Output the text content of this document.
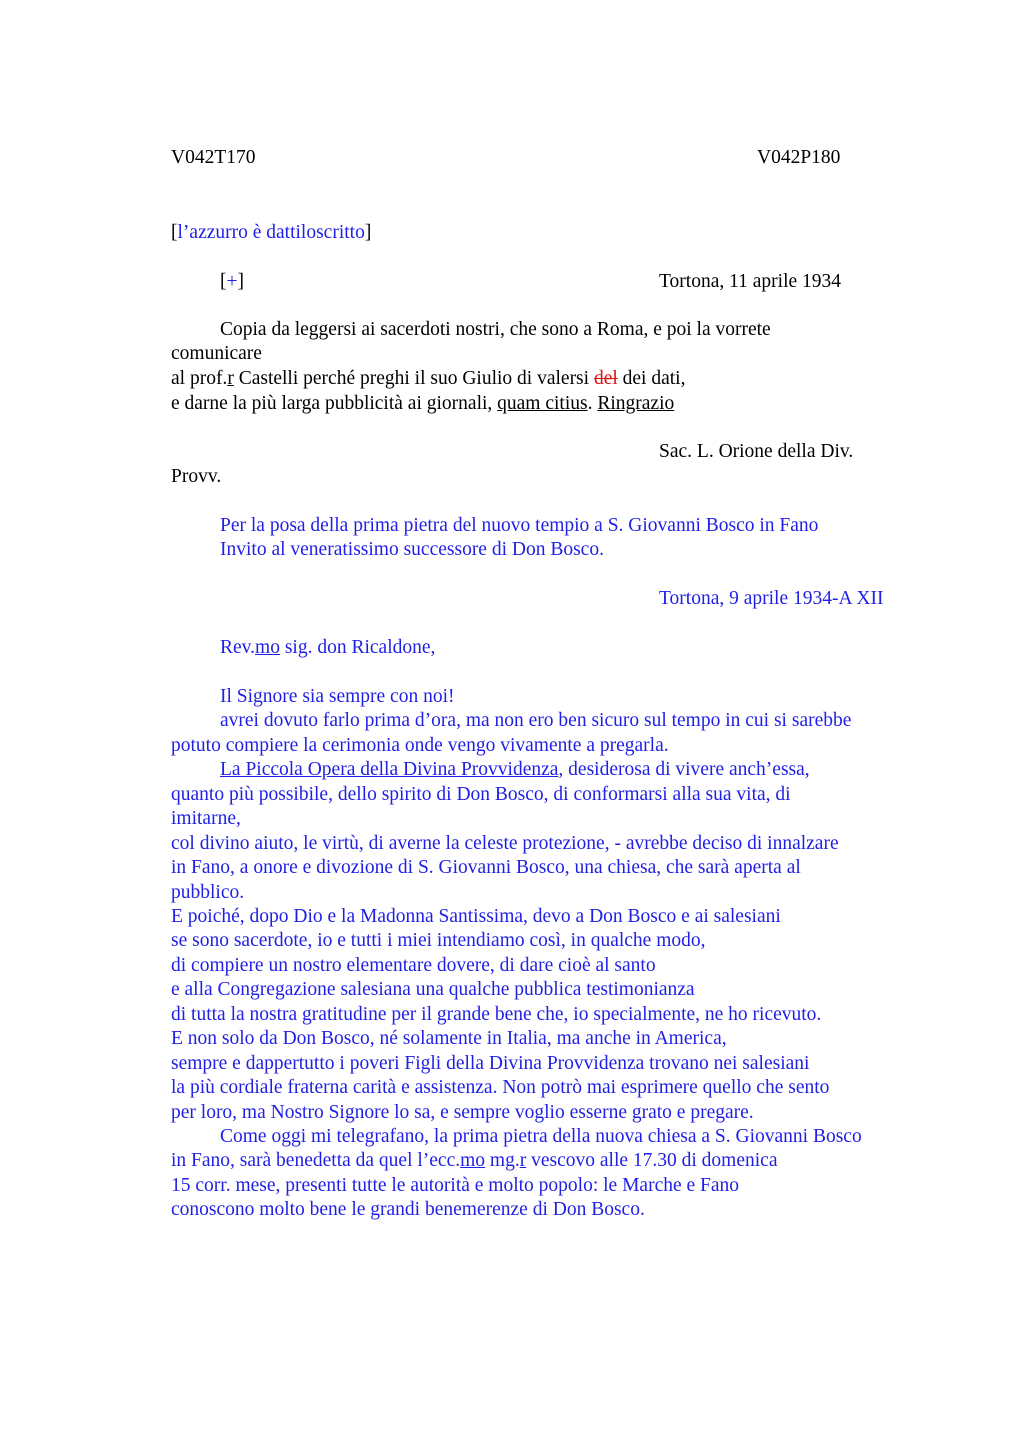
V042T170	V042P180
[l’azzurro è dattiloscritto]
[+]	Tortona, 11 aprile 1934
Copia da leggersi ai sacerdoti nostri, che sono a Roma, e poi la vorrete
comunicare
al prof.r Castelli perché preghi il suo Giulio di valersi del dei dati,
e darne la più larga pubblicità ai giornali, quam citius. Ringrazio
Sac. L. Orione della Div.
Provv.
Per la posa della prima pietra del nuovo tempio a S. Giovanni Bosco in Fano
Invito al veneratissimo successore di Don Bosco.
Tortona, 9 aprile 1934-A XII
Rev.mo sig. don Ricaldone,
Il Signore sia sempre con noi!
avrei dovuto farlo prima d’ora, ma non ero ben sicuro sul tempo in cui si sarebbe
potuto compiere la cerimonia onde vengo vivamente a pregarla.
La Piccola Opera della Divina Provvidenza, desiderosa di vivere anch’essa,
quanto più possibile, dello spirito di Don Bosco, di conformarsi alla sua vita, di
imitarne,
col divino aiuto, le virtù, di averne la celeste protezione, - avrebbe deciso di innalzare
in Fano, a onore e divozione di S. Giovanni Bosco, una chiesa, che sarà aperta al
pubblico.
E poiché, dopo Dio e la Madonna Santissima, devo a Don Bosco e ai salesiani
se sono sacerdote, io e tutti i miei intendiamo così, in qualche modo,
di compiere un nostro elementare dovere, di dare cioè al santo
e alla Congregazione salesiana una qualche pubblica testimonianza
di tutta la nostra gratitudine per il grande bene che, io specialmente, ne ho ricevuto.
E non solo da Don Bosco, né solamente in Italia, ma anche in America,
sempre e dappertutto i poveri Figli della Divina Provvidenza trovano nei salesiani
la più cordiale fraterna carità e assistenza. Non potrò mai esprimere quello che sento
per loro, ma Nostro Signore lo sa, e sempre voglio esserne grato e pregare.
Come oggi mi telegrafano, la prima pietra della nuova chiesa a S. Giovanni Bosco
in Fano, sarà benedetta da quel l’ecc.mo mg.r vescovo alle 17.30 di domenica
15 corr. mese, presenti tutte le autorità e molto popolo: le Marche e Fano
conoscono molto bene le grandi benemerenze di Don Bosco.
